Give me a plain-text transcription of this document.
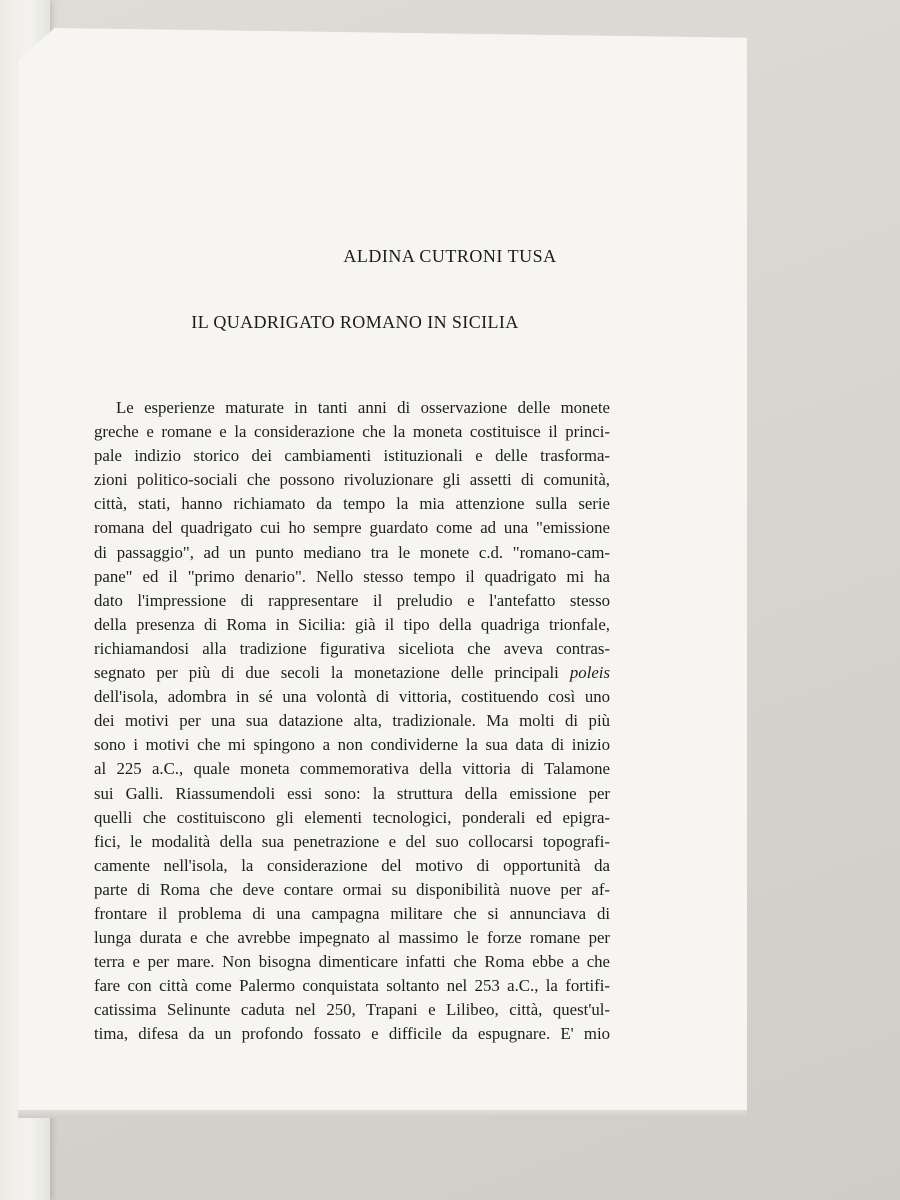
ALDINA CUTRONI TUSA
IL QUADRIGATO ROMANO IN SICILIA
Le esperienze maturate in tanti anni di osservazione delle monete
greche e romane e la considerazione che la moneta costituisce il princi-
pale indizio storico dei cambiamenti istituzionali e delle trasforma-
zioni politico-sociali che possono rivoluzionare gli assetti di comunità,
città, stati, hanno richiamato da tempo la mia attenzione sulla serie
romana del quadrigato cui ho sempre guardato come ad una "emissione
di passaggio", ad un punto mediano tra le monete c.d. "romano-cam-
pane" ed il "primo denario". Nello stesso tempo il quadrigato mi ha
dato l'impressione di rappresentare il preludio e l'antefatto stesso
della presenza di Roma in Sicilia: già il tipo della quadriga trionfale,
richiamandosi alla tradizione figurativa siceliota che aveva contras-
segnato per più di due secoli la monetazione delle principali poleis
dell'isola, adombra in sé una volontà di vittoria, costituendo così uno
dei motivi per una sua datazione alta, tradizionale. Ma molti di più
sono i motivi che mi spingono a non condividerne la sua data di inizio
al 225 a.C., quale moneta commemorativa della vittoria di Talamone
sui Galli. Riassumendoli essi sono: la struttura della emissione per
quelli che costituiscono gli elementi tecnologici, ponderali ed epigra-
fici, le modalità della sua penetrazione e del suo collocarsi topografi-
camente nell'isola, la considerazione del motivo di opportunità da
parte di Roma che deve contare ormai su disponibilità nuove per af-
frontare il problema di una campagna militare che si annunciava di
lunga durata e che avrebbe impegnato al massimo le forze romane per
terra e per mare. Non bisogna dimenticare infatti che Roma ebbe a che
fare con città come Palermo conquistata soltanto nel 253 a.C., la fortifi-
catissima Selinunte caduta nel 250, Trapani e Lilibeo, città, quest'ul-
tima, difesa da un profondo fossato e difficile da espugnare. E' mio
